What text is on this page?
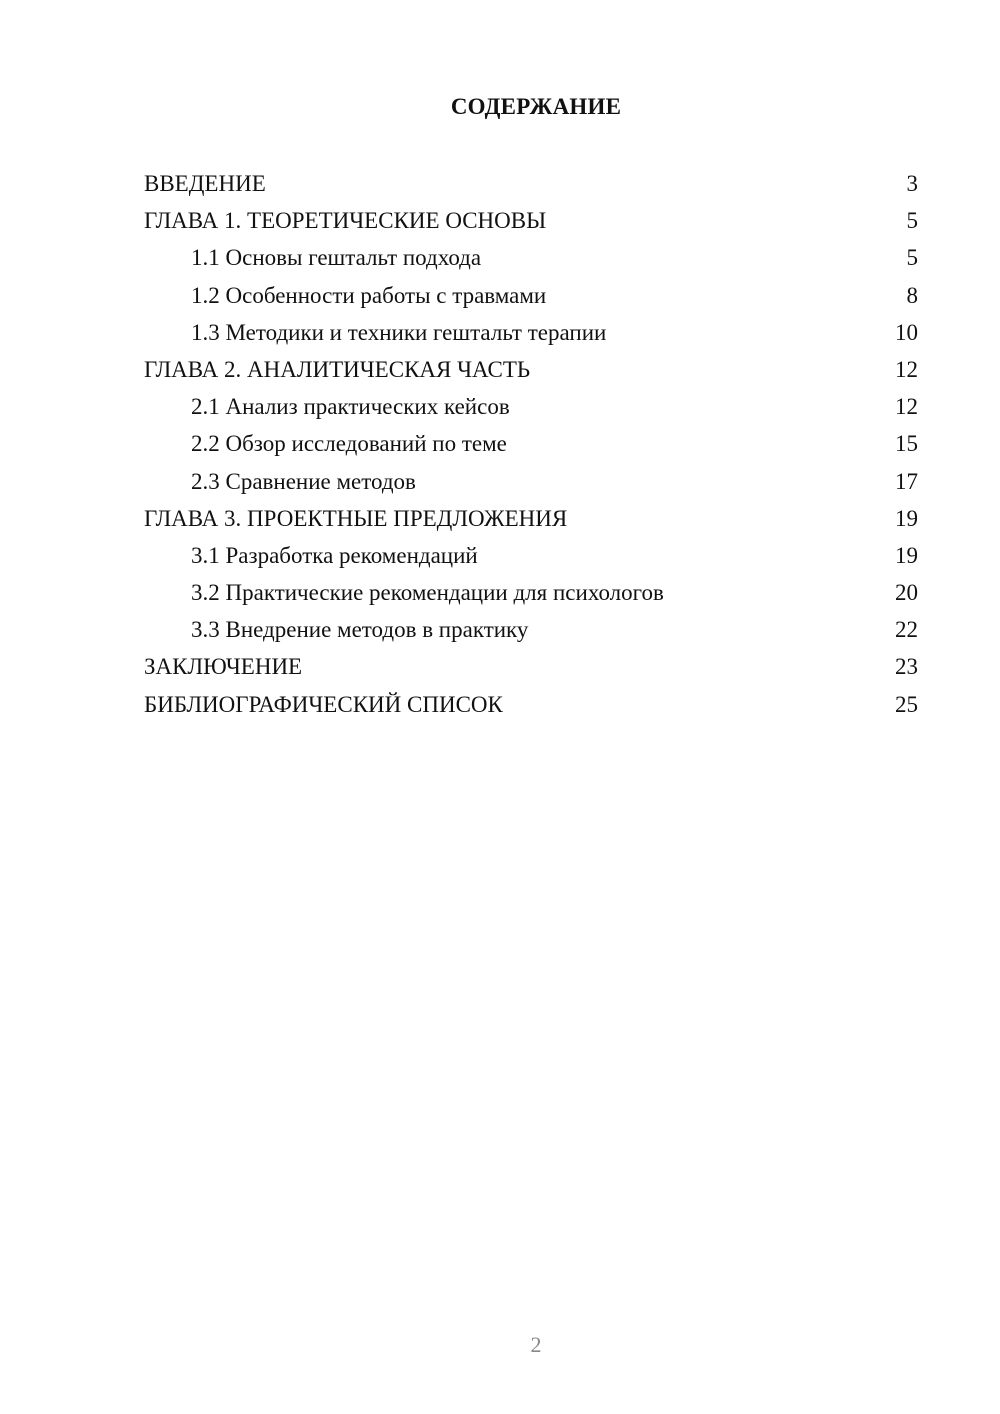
СОДЕРЖАНИЕ
ВВЕДЕНИЕ	3
ГЛАВА 1. ТЕОРЕТИЧЕСКИЕ ОСНОВЫ	5
1.1 Основы гештальт подхода	5
1.2 Особенности работы с травмами	8
1.3 Методики и техники гештальт терапии	10
ГЛАВА 2. АНАЛИТИЧЕСКАЯ ЧАСТЬ	12
2.1 Анализ практических кейсов	12
2.2 Обзор исследований по теме	15
2.3 Сравнение методов	17
ГЛАВА 3. ПРОЕКТНЫЕ ПРЕДЛОЖЕНИЯ	19
3.1 Разработка рекомендаций	19
3.2 Практические рекомендации для психологов	20
3.3 Внедрение методов в практику	22
ЗАКЛЮЧЕНИЕ	23
БИБЛИОГРАФИЧЕСКИЙ СПИСОК	25
2
